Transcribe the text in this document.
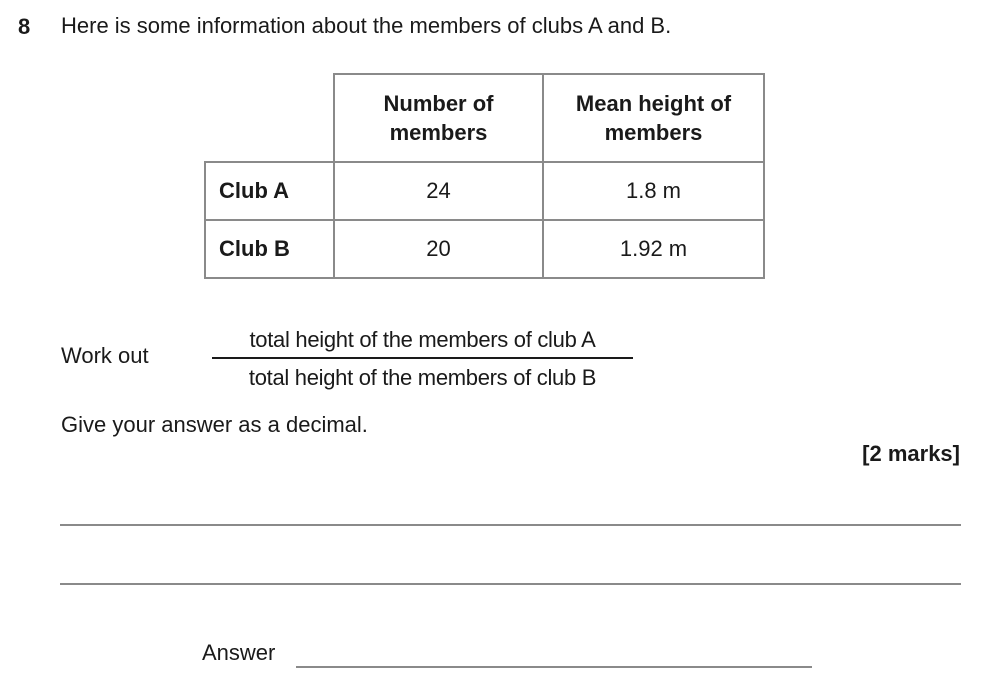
8 Here is some information about the members of clubs A and B.
	Number of members	Mean height of members
Club A	24	1.8 m
Club B	20	1.92 m
Work out
total height of the members of club A
total height of the members of club B
Give your answer as a decimal.
[2 marks]
Answer
